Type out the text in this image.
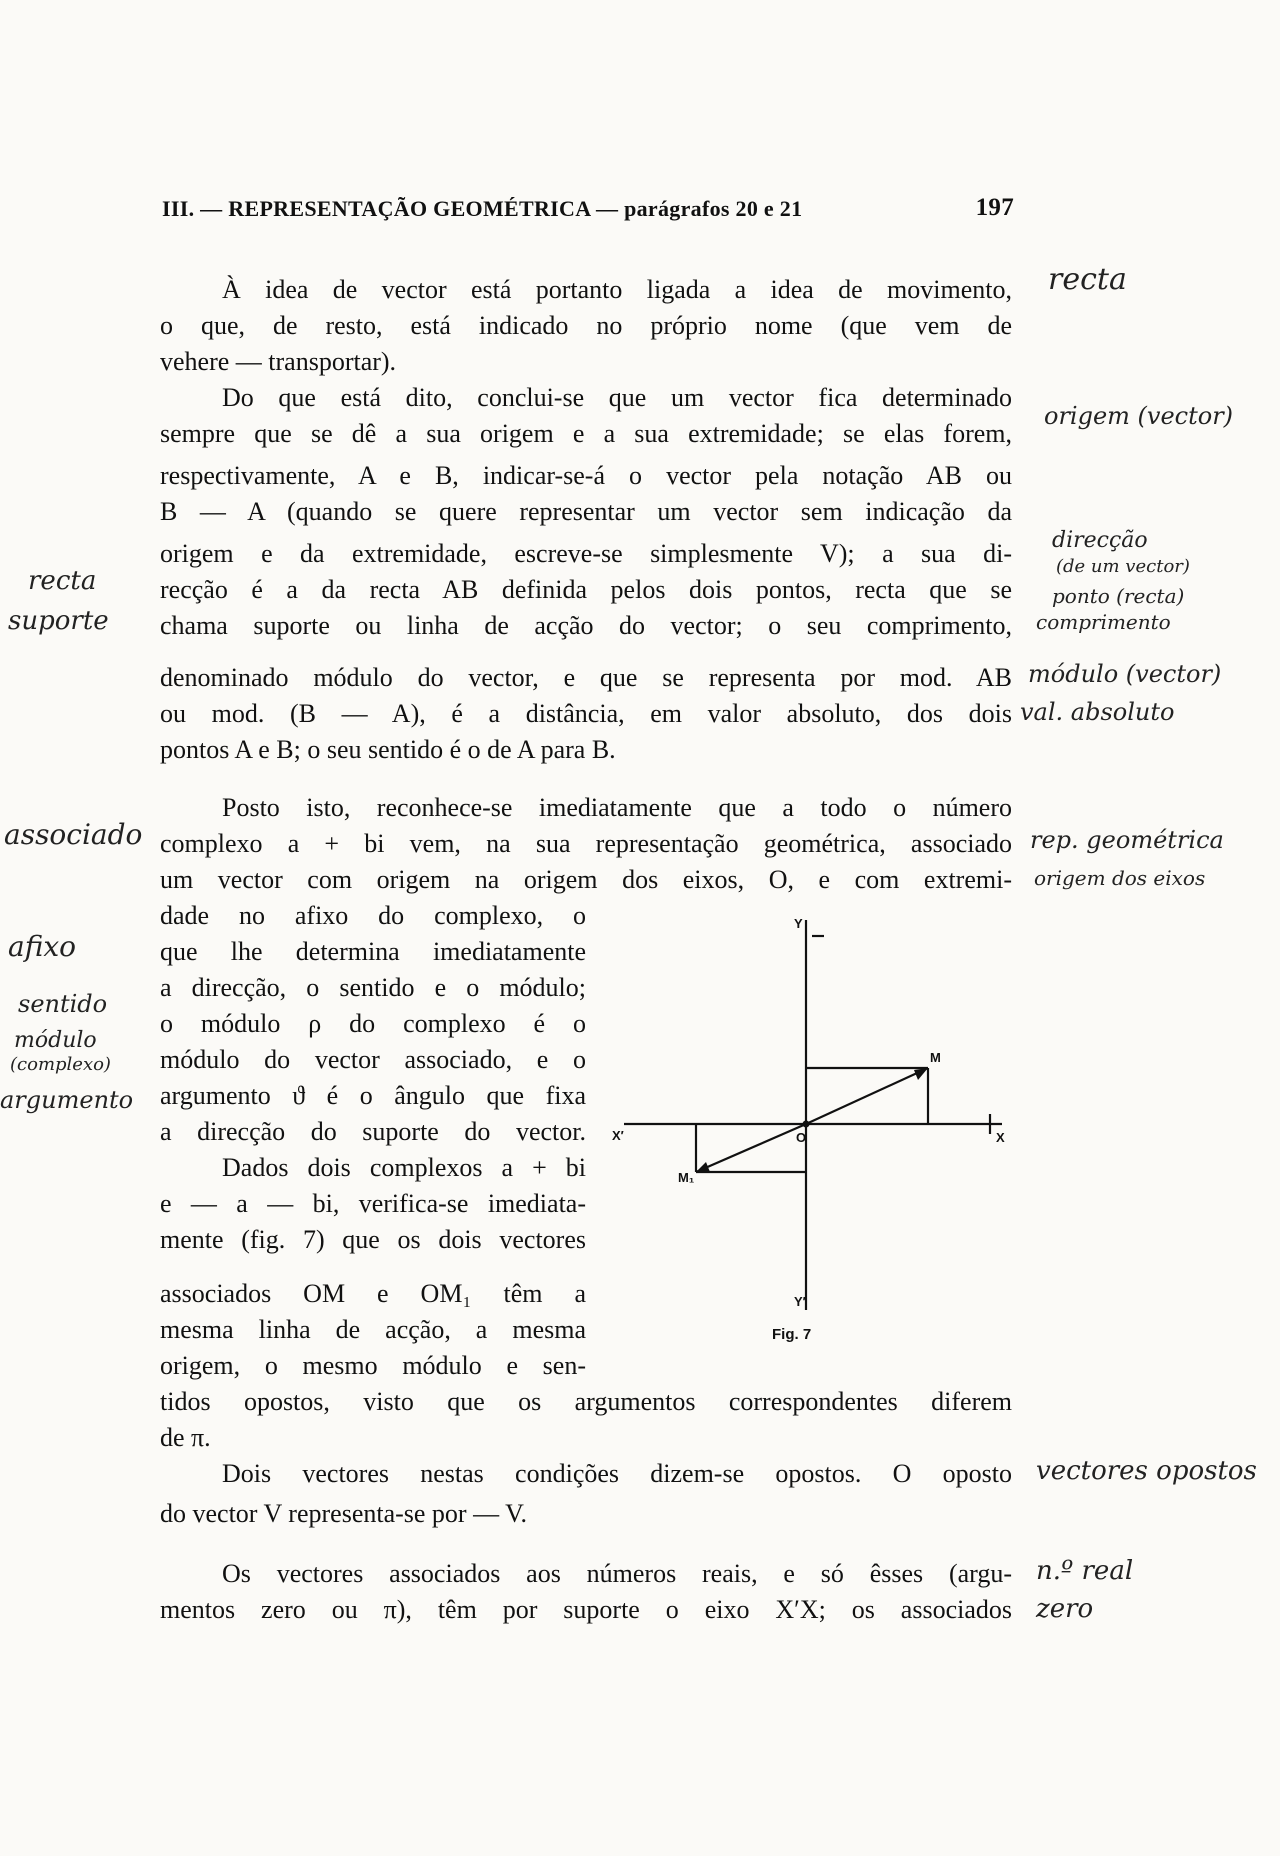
III. — REPRESENTAÇÃO GEOMÉTRICA — parágrafos 20 e 21	197
À idea de vector está portanto ligada a idea de movimento,
o que, de resto, está indicado no próprio nome (que vem de
vehere — transportar).
Do que está dito, conclui-se que um vector fica determinado
sempre que se dê a sua origem e a sua extremidade; se elas forem,
respectivamente, A e B, indicar-se-á o vector pela notação AB ou
B — A (quando se quere representar um vector sem indicação da
origem e da extremidade, escreve-se simplesmente V); a sua di-
recção é a da recta AB definida pelos dois pontos, recta que se
chama suporte ou linha de acção do vector; o seu comprimento,
denominado módulo do vector, e que se representa por mod. AB
ou mod. (B — A), é a distância, em valor absoluto, dos dois
pontos A e B; o seu sentido é o de A para B.
Posto isto, reconhece-se imediatamente que a todo o número
complexo a + bi vem, na sua representação geométrica, associado
um vector com origem na origem dos eixos, O, e com extremi-
dade no afixo do complexo, o
que lhe determina imediatamente
a direcção, o sentido e o módulo;
o módulo ρ do complexo é o
módulo do vector associado, e o
argumento ϑ é o ângulo que fixa
a direcção do suporte do vector.
Dados dois complexos a + bi
e — a — bi, verifica-se imediata-
mente (fig. 7) que os dois vectores
associados OM e OM₁ têm a
mesma linha de acção, a mesma
origem, o mesmo módulo e sen-
tidos opostos, visto que os argumentos correspondentes diferem
de π.
Dois vectores nestas condições dizem-se opostos. O oposto
do vector V representa-se por — V.
Os vectores associados aos números reais, e só êsses (argu-
mentos zero ou π), têm por suporte o eixo X′X; os associados
Y
Y′
X′	X
O
M
M₁
Fig. 7
recta
origem (vector)
direcção
(de um vector)
ponto (recta)
comprimento
módulo (vector)
val. absoluto
rep. geométrica
origem dos eixos
vectores opostos
n.º real
zero
recta
suporte
associado
afixo
sentido
módulo
(complexo)
argumento
